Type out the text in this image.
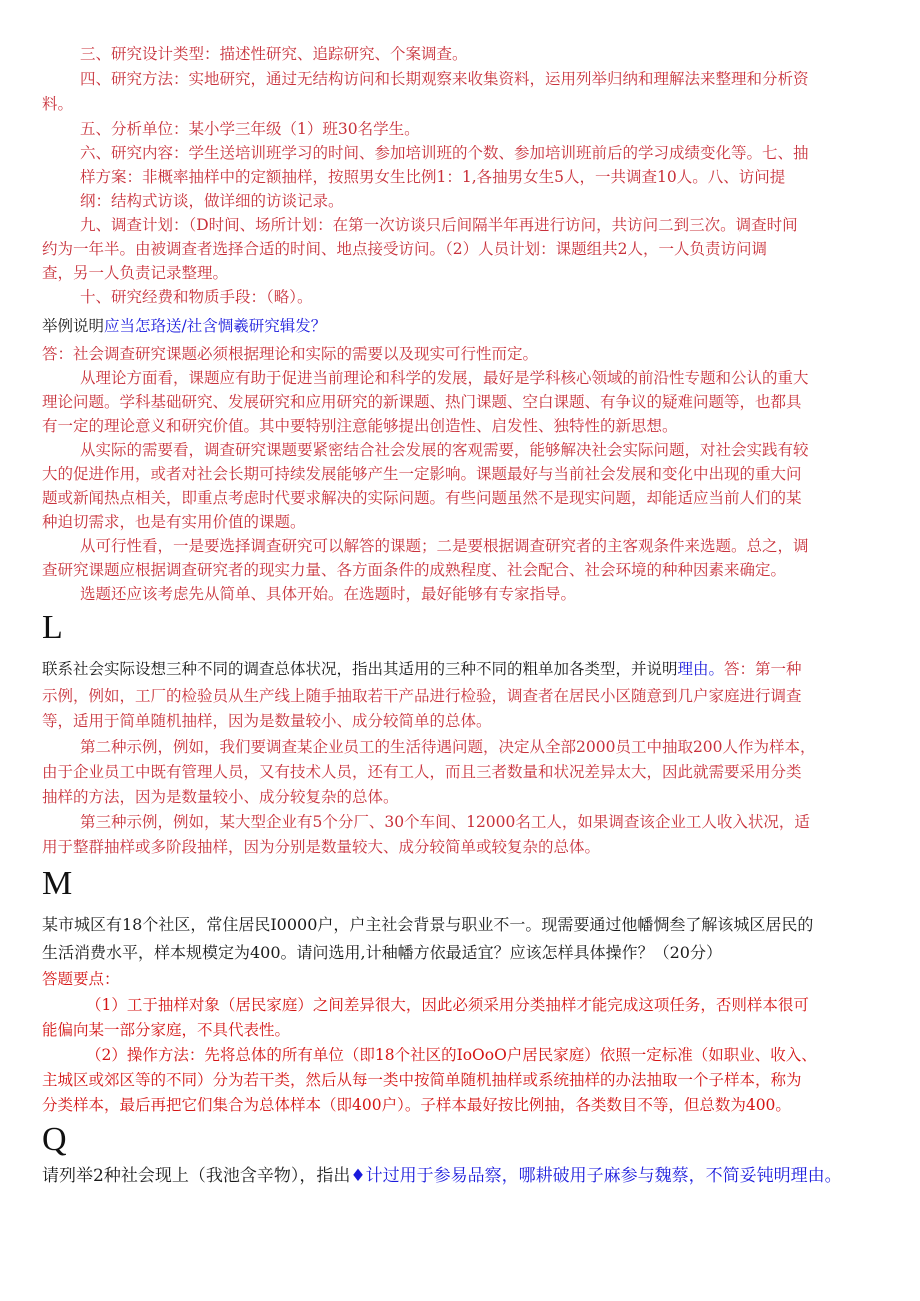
三、研究设计类型：描述性研究、追踪研究、个案调查。
四、研究方法：实地研究，通过无结构访问和长期观察来收集资料，运用列举归纳和理解法来整理和分析资
料。
五、分析单位：某小学三年级（1）班30名学生。
六、研究内容：学生送培训班学习的时间、参加培训班的个数、参加培训班前后的学习成绩变化等。七、抽
样方案：非概率抽样中的定额抽样，按照男女生比例1：1,各抽男女生5人，一共调查10人。八、访问提
纲：结构式访谈，做详细的访谈记录。
九、调查计划：（D时间、场所计划：在第一次访谈只后间隔半年再进行访问，共访问二到三次。调查时间
约为一年半。由被调查者选择合适的时间、地点接受访问。（2）人员计划：课题组共2人，一人负责访问调
查，另一人负责记录整理。
十、研究经费和物质手段：（略）。
举例说明应当怎珞送/社含惆羲研究辑发？
答：社会调查研究课题必须根据理论和实际的需要以及现实可行性而定。
从理论方面看，课题应有助于促进当前理论和科学的发展，最好是学科核心领域的前沿性专题和公认的重大
理论问题。学科基础研究、发展研究和应用研究的新课题、热门课题、空白课题、有争议的疑难问题等，也都具
有一定的理论意义和研究价值。其中要特别注意能够提出创造性、启发性、独特性的新思想。
从实际的需要看，调查研究课题要紧密结合社会发展的客观需要，能够解决社会实际问题，对社会实践有较
大的促进作用，或者对社会长期可持续发展能够产生一定影响。课题最好与当前社会发展和变化中出现的重大问
题或新闻热点相关，即重点考虑时代要求解决的实际问题。有些问题虽然不是现实问题，却能适应当前人们的某
种迫切需求，也是有实用价值的课题。
从可行性看，一是要选择调查研究可以解答的课题；二是要根据调查研究者的主客观条件来选题。总之，调
查研究课题应根据调查研究者的现实力量、各方面条件的成熟程度、社会配合、社会环境的种种因素来确定。
选题还应该考虑先从简单、具体开始。在选题时，最好能够有专家指导。
L
联系社会实际设想三种不同的调查总体状况，指出其适用的三种不同的粗单加各类型，并说明理由。答：第一种
示例，例如，工厂的检验员从生产线上随手抽取若干产品进行检验，调查者在居民小区随意到几户家庭进行调查
等，适用于简单随机抽样，因为是数量较小、成分较简单的总体。
第二种示例，例如，我们要调查某企业员工的生活待遇问题，决定从全部2000员工中抽取200人作为样本，
由于企业员工中既有管理人员，又有技术人员，还有工人，而且三者数量和状况差异太大，因此就需要采用分类
抽样的方法，因为是数量较小、成分较复杂的总体。
第三种示例，例如，某大型企业有5个分厂、30个车间、12000名工人，如果调查该企业工人收入状况，适
用于整群抽样或多阶段抽样，因为分别是数量较大、成分较简单或较复杂的总体。
M
某市城区有18个社区，常住居民I0000户，户主社会背景与职业不一。现需要通过他幡惆叁了解该城区居民的
生活消费水平，样本规模定为400。请问选用,计秞幡方依最适宜？应该怎样具体操作？（20分）
答题要点：
（1）工于抽样对象（居民家庭）之间差异很大，因此必须采用分类抽样才能完成这项任务，否则样本很可
能偏向某一部分家庭，不具代表性。
（2）操作方法：先将总体的所有单位（即18个社区的IoOoO户居民家庭）依照一定标准（如职业、收入、
主城区或郊区等的不同）分为若干类，然后从每一类中按简单随机抽样或系统抽样的办法抽取一个子样本，称为
分类样本，最后再把它们集合为总体样本（即400户）。子样本最好按比例抽，各类数目不等，但总数为400。
Q
请列举2种社会现上（我池含辛物），指出♦计过用于参易品察，哪耕破用子麻参与魏蔡，不简妥钝明理由。
